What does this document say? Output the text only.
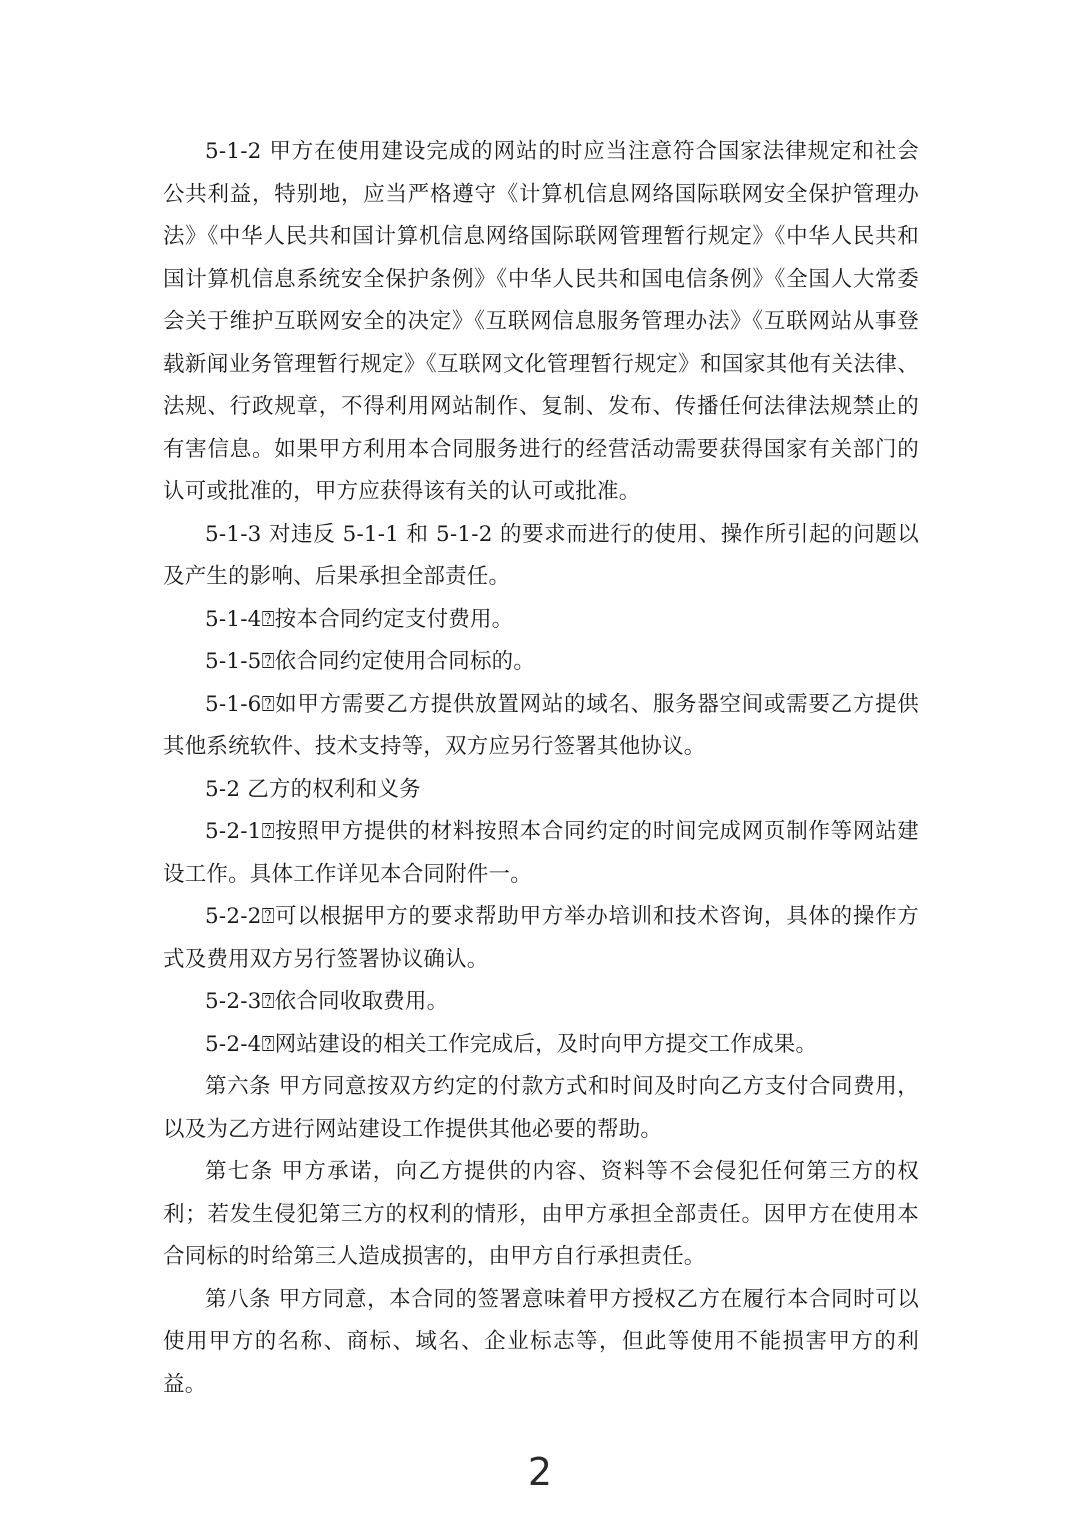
5-1-2 甲方在使用建设完成的网站的时应当注意符合国家法律规定和社会公共利益，特别地，应当严格遵守《计算机信息网络国际联网安全保护管理办法》《中华人民共和国计算机信息网络国际联网管理暂行规定》《中华人民共和国计算机信息系统安全保护条例》《中华人民共和国电信条例》《全国人大常委会关于维护互联网安全的决定》《互联网信息服务管理办法》《互联网站从事登载新闻业务管理暂行规定》《互联网文化管理暂行规定》和国家其他有关法律、法规、行政规章，不得利用网站制作、复制、发布、传播任何法律法规禁止的有害信息。如果甲方利用本合同服务进行的经营活动需要获得国家有关部门的认可或批准的，甲方应获得该有关的认可或批准。

5-1-3 对违反 5-1-1 和 5-1-2 的要求而进行的使用、操作所引起的问题以及产生的影响、后果承担全部责任。

5-1-4⍰按本合同约定支付费用。

5-1-5⍰依合同约定使用合同标的。

5-1-6⍰如甲方需要乙方提供放置网站的域名、服务器空间或需要乙方提供其他系统软件、技术支持等，双方应另行签署其他协议。

5-2 乙方的权利和义务

5-2-1⍰按照甲方提供的材料按照本合同约定的时间完成网页制作等网站建设工作。具体工作详见本合同附件一。

5-2-2⍰可以根据甲方的要求帮助甲方举办培训和技术咨询，具体的操作方式及费用双方另行签署协议确认。

5-2-3⍰依合同收取费用。

5-2-4⍰网站建设的相关工作完成后，及时向甲方提交工作成果。

第六条 甲方同意按双方约定的付款方式和时间及时向乙方支付合同费用，以及为乙方进行网站建设工作提供其他必要的帮助。

第七条 甲方承诺，向乙方提供的内容、资料等不会侵犯任何第三方的权利；若发生侵犯第三方的权利的情形，由甲方承担全部责任。因甲方在使用本合同标的时给第三人造成损害的，由甲方自行承担责任。

第八条 甲方同意，本合同的签署意味着甲方授权乙方在履行本合同时可以使用甲方的名称、商标、域名、企业标志等，但此等使用不能损害甲方的利益。

2
